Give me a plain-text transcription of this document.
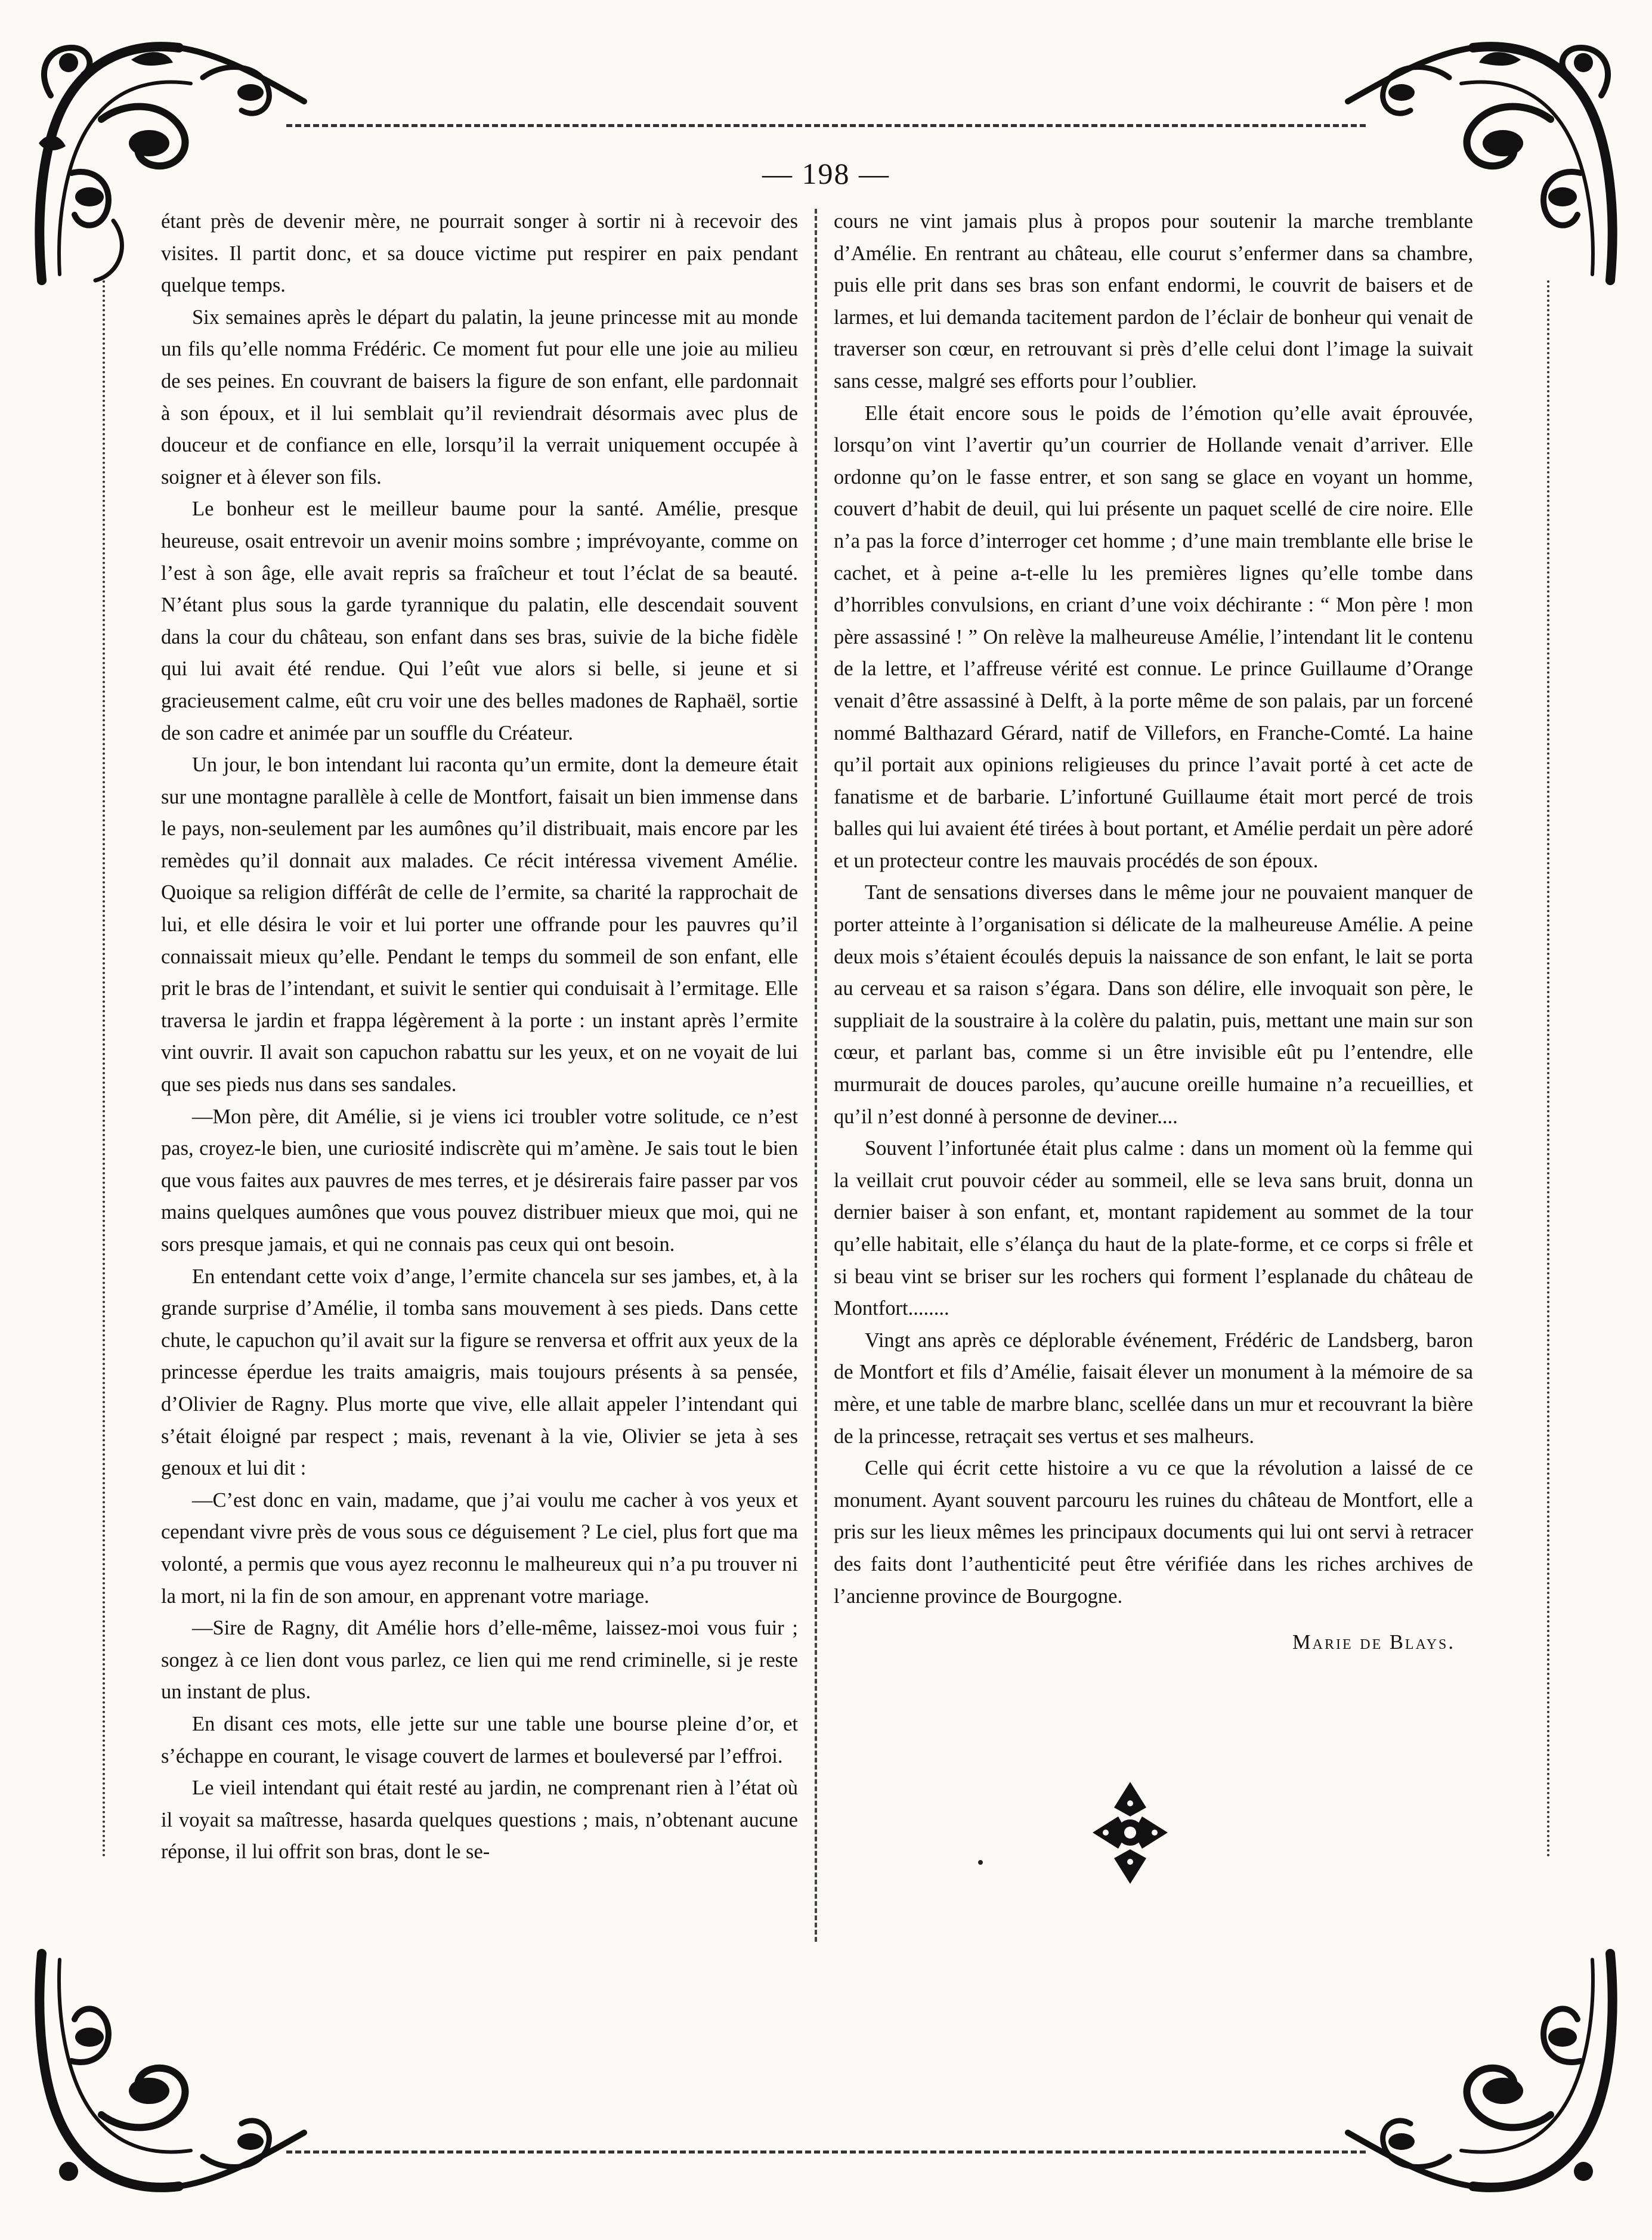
— 198 —

étant près de devenir mère, ne pourrait songer à sortir ni à recevoir des visites. Il partit donc, et sa douce victime put respirer en paix pendant quelque temps.

Six semaines après le départ du palatin, la jeune princesse mit au monde un fils qu’elle nomma Frédéric. Ce moment fut pour elle une joie au milieu de ses peines. En couvrant de baisers la figure de son enfant, elle pardonnait à son époux, et il lui semblait qu’il reviendrait désormais avec plus de douceur et de confiance en elle, lorsqu’il la verrait uniquement occupée à soigner et à élever son fils.

Le bonheur est le meilleur baume pour la santé. Amélie, presque heureuse, osait entrevoir un avenir moins sombre ; imprévoyante, comme on l’est à son âge, elle avait repris sa fraîcheur et tout l’éclat de sa beauté. N’étant plus sous la garde tyrannique du palatin, elle descendait souvent dans la cour du château, son enfant dans ses bras, suivie de la biche fidèle qui lui avait été rendue. Qui l’eût vue alors si belle, si jeune et si gracieusement calme, eût cru voir une des belles madones de Raphaël, sortie de son cadre et animée par un souffle du Créateur.

Un jour, le bon intendant lui raconta qu’un ermite, dont la demeure était sur une montagne parallèle à celle de Montfort, faisait un bien immense dans le pays, non-seulement par les aumônes qu’il distribuait, mais encore par les remèdes qu’il donnait aux malades. Ce récit intéressa vivement Amélie. Quoique sa religion différât de celle de l’ermite, sa charité la rapprochait de lui, et elle désira le voir et lui porter une offrande pour les pauvres qu’il connaissait mieux qu’elle. Pendant le temps du sommeil de son enfant, elle prit le bras de l’intendant, et suivit le sentier qui conduisait à l’ermitage. Elle traversa le jardin et frappa légèrement à la porte : un instant après l’ermite vint ouvrir. Il avait son capuchon rabattu sur les yeux, et on ne voyait de lui que ses pieds nus dans ses sandales.

—Mon père, dit Amélie, si je viens ici troubler votre solitude, ce n’est pas, croyez-le bien, une curiosité indiscrète qui m’amène. Je sais tout le bien que vous faites aux pauvres de mes terres, et je désirerais faire passer par vos mains quelques aumônes que vous pouvez distribuer mieux que moi, qui ne sors presque jamais, et qui ne connais pas ceux qui ont besoin.

En entendant cette voix d’ange, l’ermite chancela sur ses jambes, et, à la grande surprise d’Amélie, il tomba sans mouvement à ses pieds. Dans cette chute, le capuchon qu’il avait sur la figure se renversa et offrit aux yeux de la princesse éperdue les traits amaigris, mais toujours présents à sa pensée, d’Olivier de Ragny. Plus morte que vive, elle allait appeler l’intendant qui s’était éloigné par respect ; mais, revenant à la vie, Olivier se jeta à ses genoux et lui dit :

—C’est donc en vain, madame, que j’ai voulu me cacher à vos yeux et cependant vivre près de vous sous ce déguisement ? Le ciel, plus fort que ma volonté, a permis que vous ayez reconnu le malheureux qui n’a pu trouver ni la mort, ni la fin de son amour, en apprenant votre mariage.

—Sire de Ragny, dit Amélie hors d’elle-même, laissez-moi vous fuir ; songez à ce lien dont vous parlez, ce lien qui me rend criminelle, si je reste un instant de plus.

En disant ces mots, elle jette sur une table une bourse pleine d’or, et s’échappe en courant, le visage couvert de larmes et bouleversé par l’effroi.

Le vieil intendant qui était resté au jardin, ne comprenant rien à l’état où il voyait sa maîtresse, hasarda quelques questions ; mais, n’obtenant aucune réponse, il lui offrit son bras, dont le se-

cours ne vint jamais plus à propos pour soutenir la marche tremblante d’Amélie. En rentrant au château, elle courut s’enfermer dans sa chambre, puis elle prit dans ses bras son enfant endormi, le couvrit de baisers et de larmes, et lui demanda tacitement pardon de l’éclair de bonheur qui venait de traverser son cœur, en retrouvant si près d’elle celui dont l’image la suivait sans cesse, malgré ses efforts pour l’oublier.

Elle était encore sous le poids de l’émotion qu’elle avait éprouvée, lorsqu’on vint l’avertir qu’un courrier de Hollande venait d’arriver. Elle ordonne qu’on le fasse entrer, et son sang se glace en voyant un homme, couvert d’habit de deuil, qui lui présente un paquet scellé de cire noire. Elle n’a pas la force d’interroger cet homme ; d’une main tremblante elle brise le cachet, et à peine a-t-elle lu les premières lignes qu’elle tombe dans d’horribles convulsions, en criant d’une voix déchirante : “ Mon père ! mon père assassiné ! ” On relève la malheureuse Amélie, l’intendant lit le contenu de la lettre, et l’affreuse vérité est connue. Le prince Guillaume d’Orange venait d’être assassiné à Delft, à la porte même de son palais, par un forcené nommé Balthazard Gérard, natif de Villefors, en Franche-Comté. La haine qu’il portait aux opinions religieuses du prince l’avait porté à cet acte de fanatisme et de barbarie. L’infortuné Guillaume était mort percé de trois balles qui lui avaient été tirées à bout portant, et Amélie perdait un père adoré et un protecteur contre les mauvais procédés de son époux.

Tant de sensations diverses dans le même jour ne pouvaient manquer de porter atteinte à l’organisation si délicate de la malheureuse Amélie. A peine deux mois s’étaient écoulés depuis la naissance de son enfant, le lait se porta au cerveau et sa raison s’égara. Dans son délire, elle invoquait son père, le suppliait de la soustraire à la colère du palatin, puis, mettant une main sur son cœur, et parlant bas, comme si un être invisible eût pu l’entendre, elle murmurait de douces paroles, qu’aucune oreille humaine n’a recueillies, et qu’il n’est donné à personne de deviner....

Souvent l’infortunée était plus calme : dans un moment où la femme qui la veillait crut pouvoir céder au sommeil, elle se leva sans bruit, donna un dernier baiser à son enfant, et, montant rapidement au sommet de la tour qu’elle habitait, elle s’élança du haut de la plate-forme, et ce corps si frêle et si beau vint se briser sur les rochers qui forment l’esplanade du château de Montfort........

Vingt ans après ce déplorable événement, Frédéric de Landsberg, baron de Montfort et fils d’Amélie, faisait élever un monument à la mémoire de sa mère, et une table de marbre blanc, scellée dans un mur et recouvrant la bière de la princesse, retraçait ses vertus et ses malheurs.

Celle qui écrit cette histoire a vu ce que la révolution a laissé de ce monument. Ayant souvent parcouru les ruines du château de Montfort, elle a pris sur les lieux mêmes les principaux documents qui lui ont servi à retracer des faits dont l’authenticité peut être vérifiée dans les riches archives de l’ancienne province de Bourgogne.

Marie de Blays.
